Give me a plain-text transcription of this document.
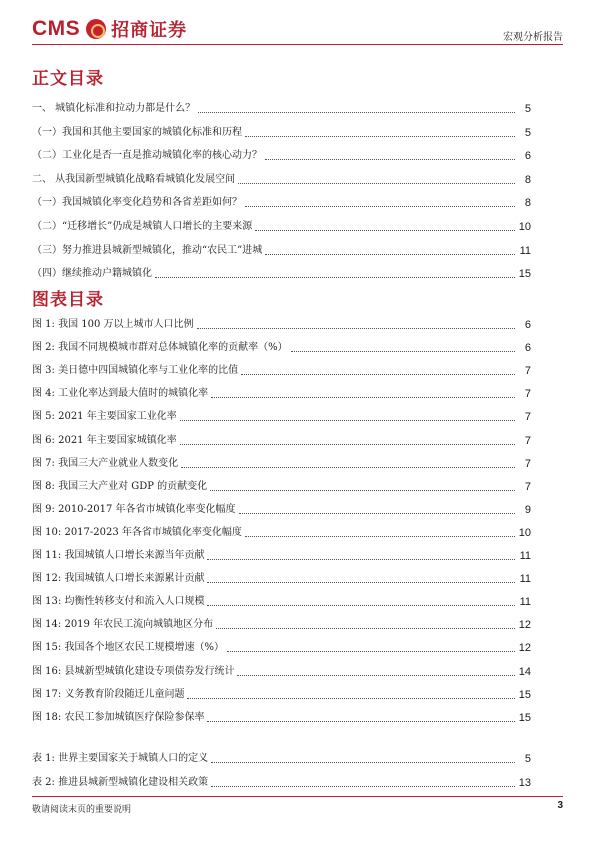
CMS 招商证券	宏观分析报告
正文目录
一、 城镇化标准和拉动力都是什么？	5
（一）我国和其他主要国家的城镇化标准和历程	5
（二）工业化是否一直是推动城镇化率的核心动力？	6
二、 从我国新型城镇化战略看城镇化发展空间	8
（一）我国城镇化率变化趋势和各省差距如何？	8
（二）“迁移增长”仍成是城镇人口增长的主要来源	10
（三）努力推进县城新型城镇化，推动“农民工”进城	11
（四）继续推动户籍城镇化	15
图表目录
图 1: 我国 100 万以上城市人口比例	6
图 2: 我国不同规模城市群对总体城镇化率的贡献率（%）	6
图 3: 美日德中四国城镇化率与工业化率的比值	7
图 4: 工业化率达到最大值时的城镇化率	7
图 5: 2021 年主要国家工业化率	7
图 6: 2021 年主要国家城镇化率	7
图 7: 我国三大产业就业人数变化	7
图 8: 我国三大产业对 GDP 的贡献变化	7
图 9: 2010-2017 年各省市城镇化率变化幅度	9
图 10: 2017-2023 年各省市城镇化率变化幅度	10
图 11: 我国城镇人口增长来源当年贡献	11
图 12: 我国城镇人口增长来源累计贡献	11
图 13: 均衡性转移支付和流入人口规模	11
图 14: 2019 年农民工流向城镇地区分布	12
图 15: 我国各个地区农民工规模增速（%）	12
图 16: 县城新型城镇化建设专项债券发行统计	14
图 17: 义务教育阶段随迁儿童问题	15
图 18: 农民工参加城镇医疗保险参保率	15
表 1: 世界主要国家关于城镇人口的定义	5
表 2: 推进县城新型城镇化建设相关政策	13
敬请阅读末页的重要说明	3
